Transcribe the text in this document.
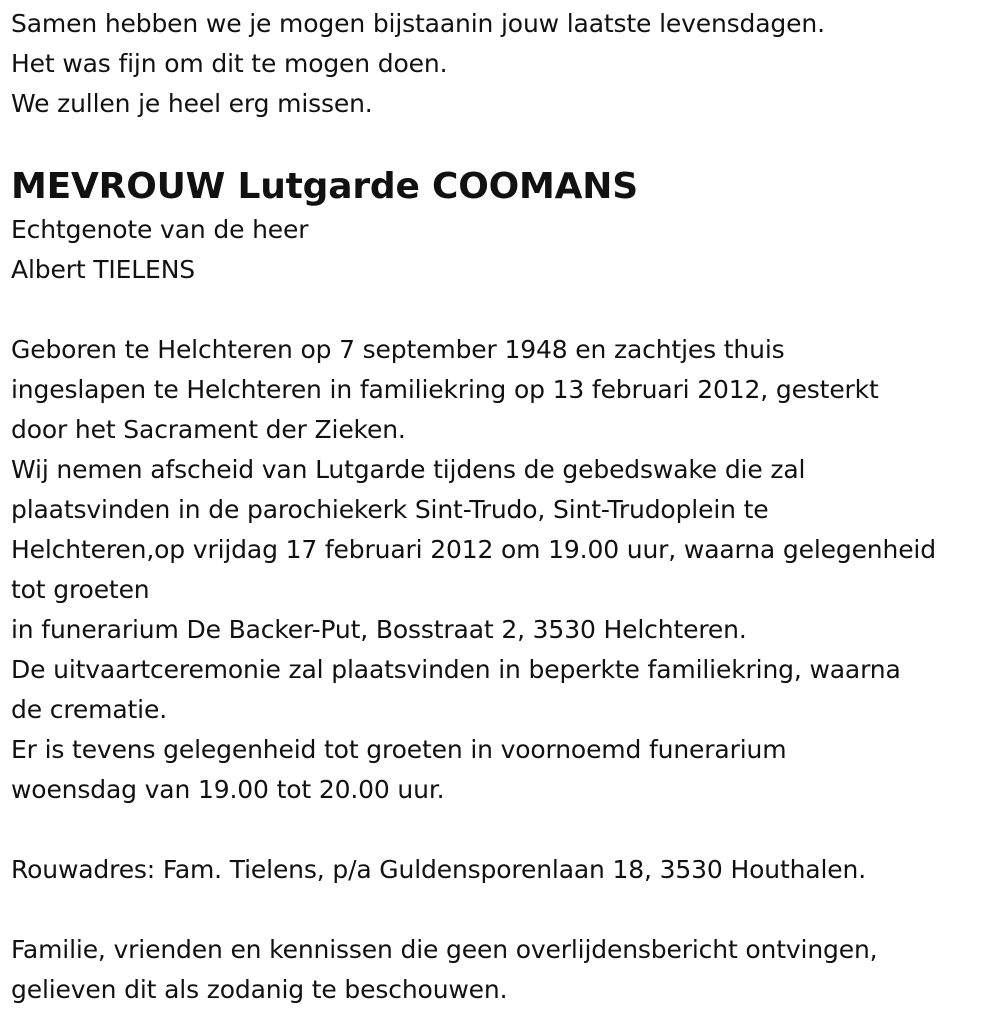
Samen hebben we je mogen bijstaanin jouw laatste levensdagen.
Het was fijn om dit te mogen doen.
We zullen je heel erg missen.
MEVROUW Lutgarde COOMANS
Echtgenote van de heer
Albert TIELENS
Geboren te Helchteren op 7 september 1948 en zachtjes thuis
ingeslapen te Helchteren in familiekring op 13 februari 2012, gesterkt
door het Sacrament der Zieken.
Wij nemen afscheid van Lutgarde tijdens de gebedswake die zal
plaatsvinden in de parochiekerk Sint-Trudo, Sint-Trudoplein te
Helchteren,op vrijdag 17 februari 2012 om 19.00 uur, waarna gelegenheid
tot groeten
in funerarium De Backer-Put, Bosstraat 2, 3530 Helchteren.
De uitvaartceremonie zal plaatsvinden in beperkte familiekring, waarna
de crematie.
Er is tevens gelegenheid tot groeten in voornoemd funerarium
woensdag van 19.00 tot 20.00 uur.
Rouwadres: Fam. Tielens, p/a Guldensporenlaan 18, 3530 Houthalen.
Familie, vrienden en kennissen die geen overlijdensbericht ontvingen,
gelieven dit als zodanig te beschouwen.
